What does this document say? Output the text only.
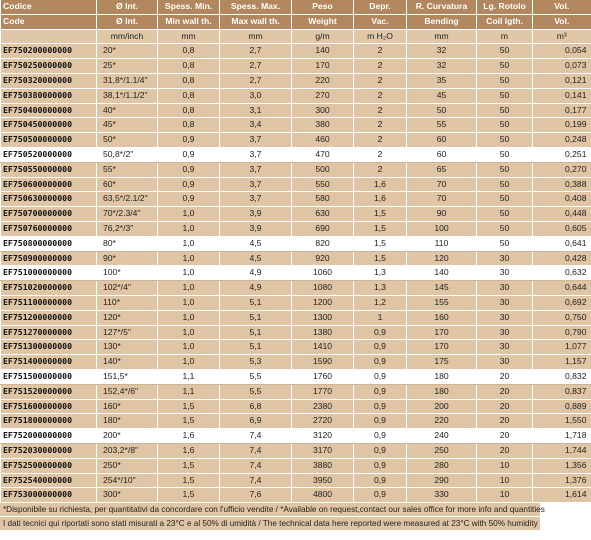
Codice	Ø Int.	Spess. Min.	Spess. Max.	Peso	Depr.	R. Curvatura	Lg. Rotolo	Vol.
Code	Ø Int.	Min wall th.	Max wall th.	Weight	Vac.	Bending	Coil lgth.	Vol.
	mm/inch	mm	mm	g/m	m H₂O	mm	m	m³
EF750200000000	20*	0,8	2,7	140	2	32	50	0,054
EF750250000000	25*	0,8	2,7	170	2	32	50	0,073
EF750320000000	31,8*/1.1/4"	0,8	2,7	220	2	35	50	0,121
EF750380000000	38,1*/1.1/2"	0,8	3,0	270	2	45	50	0,141
EF750400000000	40*	0,8	3,1	300	2	50	50	0,177
EF750450000000	45*	0,8	3,4	380	2	55	50	0,199
EF750500000000	50*	0,9	3,7	460	2	60	50	0,248
EF750520000000	50,8*/2"	0,9	3,7	470	2	60	50	0,251
EF750550000000	55*	0,9	3,7	500	2	65	50	0,270
EF750600000000	60*	0,9	3,7	550	1,6	70	50	0,388
EF750630000000	63,5*/2.1/2"	0,9	3,7	580	1,6	70	50	0,408
EF750700000000	70*/2.3/4"	1,0	3,9	630	1,5	90	50	0,448
EF750760000000	76,2*/3"	1,0	3,9	690	1,5	100	50	0,605
EF750800000000	80*	1,0	4,5	820	1,5	110	50	0,641
EF750900000000	90*	1,0	4,5	920	1,5	120	30	0,428
EF751000000000	100*	1,0	4,9	1060	1,3	140	30	0,632
EF751020000000	102*/4"	1,0	4,9	1080	1,3	145	30	0,644
EF751100000000	110*	1,0	5,1	1200	1,2	155	30	0,692
EF751200000000	120*	1,0	5,1	1300	1	160	30	0,750
EF751270000000	127*/5"	1,0	5,1	1380	0,9	170	30	0,790
EF751300000000	130*	1,0	5,1	1410	0,9	170	30	1,077
EF751400000000	140*	1,0	5,3	1590	0,9	175	30	1,157
EF751500000000	151,5*	1,1	5,5	1760	0,9	180	20	0,832
EF751520000000	152,4*/6"	1,1	5,5	1770	0,9	180	20	0,837
EF751600000000	160*	1,5	6,8	2380	0,9	200	20	0,889
EF751800000000	180*	1,5	6,9	2720	0,9	220	20	1,550
EF752000000000	200*	1,6	7,4	3120	0,9	240	20	1,718
EF752030000000	203,2*/8"	1,6	7,4	3170	0,9	250	20	1,744
EF752500000000	250*	1,5	7,4	3880	0,9	280	10	1,356
EF752540000000	254*/10"	1,5	7,4	3950	0,9	290	10	1,376
EF753000000000	300*	1,5	7,6	4800	0,9	330	10	1,614
*Disponibile su richiesta, per quantitativi da concordare con l'ufficio vendite / *Available on request,contact our sales office for more info and quantities
I dati tecnici qui riportati sono stati misurati a 23°C e al 50% di umidità / The technical data here reported were measured at 23°C with 50% humidity
